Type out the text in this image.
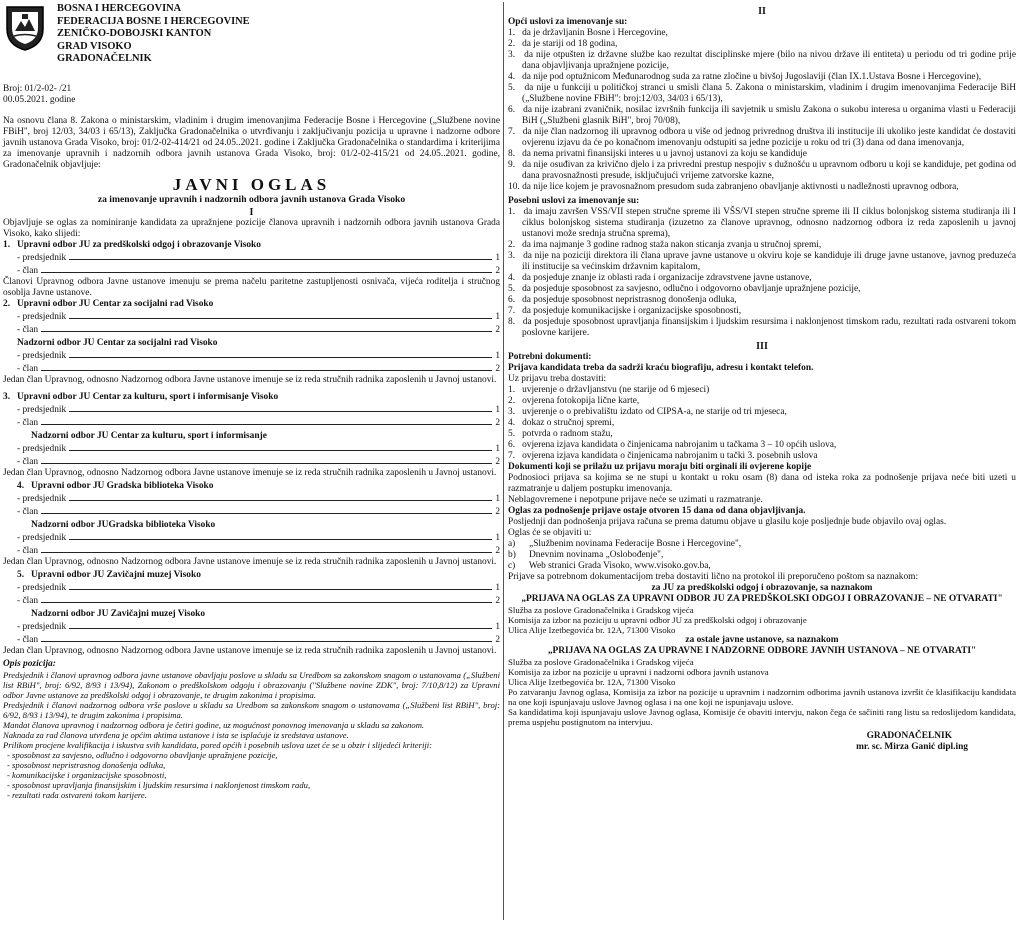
BOSNA I HERCEGOVINA
FEDERACIJA BOSNE I HERCEGOVINE
ZENIČKO-DOBOJSKI KANTON
GRAD VISOKO
GRADONAČELNIK

Broj: 01/2-02- /21

00.05.2021. godine

Na osnovu člana 8. Zakona o ministarskim, vladinim i drugim imenovanjima Federacije Bosne i Hercegovine („Službene novine FBiH", broj 12/03, 34/03 i 65/13), Zaključka Gradonačelnika o utvrđivanju i zaključivanju pozicija u upravne i nadzorne odbore javnih ustanova Grada Visoko, broj: 01/2-02-414/21 od 24.05..2021. godine i Zaključka Gradonačelnika o standardima i kriterijima za imenovanje upravnih i nadzornih odbora javnih ustanova Grada Visoko, broj: 01/2-02-415/21 od 24.05..2021. godine, Gradonačelnik objavljuje:

JAVNI OGLAS
za imenovanje upravnih i nadzornih odbora javnih ustanova Grada Visoko
I

Objavljuje se oglas za nominiranje kandidata za upražnjene pozicije članova upravnih i nadzornih odbora javnih ustanova Grada Visoko, kako slijedi:

1. Upravni odbor JU za predškolski odgoj i obrazovanje Visoko

-
predsjednik	1
-
član	2

Članovi Upravnog odbora Javne ustanove imenuju se prema načelu paritetne zastupljenosti osnivača, vijeća roditelja i stručnog osoblja Javne ustanove.

2. Upravni odbor JU Centar za socijalni rad Visoko

-
predsjednik	1
-
član	2

Nadzorni odbor JU Centar za socijalni rad Visoko

-
predsjednik	1
-
član	2

Jedan član Upravnog, odnosno Nadzornog odbora Javne ustanove imenuje se iz reda stručnih radnika zaposlenih u Javnoj ustanovi.

3. Upravni odbor JU Centar za kulturu, sport i informisanje Visoko

-
predsjednik	1
-
član	2

Nadzorni odbor JU Centar za kulturu, sport i informisanje

-
predsjednik	1
-
član	2

Jedan član Upravnog, odnosno Nadzornog odbora Javne ustanove imenuje se iz reda stručnih radnika zaposlenih u Javnoj ustanovi.

4. Upravni odbor JU Gradska biblioteka Visoko

-
predsjednik	1
-
član	2

Nadzorni odbor JUGradska biblioteka Visoko

-
predsjednik	1
-
član	2

Jedan član Upravnog, odnosno Nadzornog odbora Javne ustanove imenuje se iz reda stručnih radnika zaposlenih u Javnoj ustanovi.

5. Upravni odbor JU Zavičajni muzej Visoko

-
predsjednik	1
-
član	2

Nadzorni odbor JU Zavičajni muzej Visoko

-
predsjednik	1
-
član	2

Jedan član Upravnog, odnosno Nadzornog odbora Javne ustanove imenuje se iz reda stručnih radnika zaposlenih u Javnoj ustanovi.

Opis pozicija:

Predsjednik i članovi upravnog odbora javne ustanove obavljaju poslove u skladu sa Uredbom sa zakonskom snagom o ustanovama („Službeni list RBiH", broj: 6/92, 8/93 i 13/94), Zakonom o predškolskom odgoju i obrazovanju ("Službene novine ZDK", broj: 7/10,8/12) za Upravni odbor Javne ustanove za predškolski odgoj i obrazovanje, te drugim zakonima i propisima.

Predsjednik i članovi nadzornog odbora vrše poslove u skladu sa Uredbom sa zakonskom snagom o ustanovama („Službeni list RBiH", broj: 6/92, 8/93 i 13/94), te drugim zakonima i propisima.

Mandat članova upravnog i nadzornog odbora je četiri godine, uz mogućnost ponovnog imenovanja u skladu sa zakonom.

Naknada za rad članova utvrđena je općim aktima ustanove i ista se isplaćuje iz sredstava ustanove.

Prilikom procjene kvalifikacija i iskustva svih kandidata, pored općih i posebnih uslova uzet će se u obzir i slijedeći kriteriji:

- sposobnost za savjesno, odlučno i odgovorno obavljanje upražnjene pozicije,

- sposobnost nepristrasnog donošenja odluka,

- komunikacijske i organizacijske sposobnosti,

- sposobnost upravljanja finansijskim i ljudskim resursima i naklonjenost timskom radu,

- rezultati rada ostvareni tokom karijere.

II

Opći uslovi za imenovanje su:

1.   da je državljanin Bosne i Hercegovine,

2.   da je stariji od 18 godina,

3.   da nije otpušten iz državne službe kao rezultat disciplinske mjere (bilo na nivou države ili entiteta) u periodu od tri godine prije dana objavljivanja upražnjene pozicije,

4.   da nije pod optužnicom Međunarodnog suda za ratne zločine u bivšoj Jugoslaviji (član IX.1.Ustava Bosne i Hercegovine),

5.   da nije u funkciji u političkoj stranci u smisli člana 5. Zakona o ministarskim, vladinim i drugim imenovanjima Federacije BiH („Službene novine FBiH": broj:12/03, 34/03 i 65/13),

6.   da nije izabrani zvaničnik, nosilac izvršnih funkcija ili savjetnik u smislu Zakona o sukobu interesa u organima vlasti u Federaciji BiH („Službeni glasnik BiH", broj 70/08),

7.   da nije član nadzornog ili upravnog odbora u više od jednog privrednog društva ili institucije ili ukoliko jeste kandidat će dostaviti ovjerenu izjavu da će po konačnom imenovanju odstupiti sa jedne pozicije u roku od tri (3) dana od dana imenovanja,

8.   da nema privatni finansijski interes u u javnoj ustanovi za koju se kandiduje

9.   da nije osuđivan za krivično djelo i za privredni prestup nespojiv s dužnošću u upravnom odboru u koji se kandiduje, pet godina od dana pravosnažnosti presude, isključujući vrijeme zatvorske kazne,

10. da nije lice kojem je pravosnažnom presudom suda zabranjeno obavljanje aktivnosti u nadležnosti upravnog odbora,

Posebni uslovi za imenovanje su:

1.   da imaju završen VSS/VII stepen stručne spreme ili VŠS/VI stepen stručne spreme ili II ciklus bolonjskog sistema studiranja ili I ciklus bolonjskog sistema studiranja (izuzetno za članove upravnog, odnosno nadzornog odbora iz reda zaposlenih u javnoj ustanovi može srednja stručna sprema),

2.   da ima najmanje 3 godine radnog staža nakon sticanja zvanja u stručnoj spremi,

3.   da nije na poziciji direktora ili člana uprave javne ustanove u okviru koje se kandiduje ili druge javne ustanove, javnog preduzeća ili institucije sa većinskim državnim kapitalom,

4.   da posjeduje znanje iz oblasti rada i organizacije zdravstvene javne ustanove,

5.   da posjeduje sposobnost za savjesno, odlučno i odgovorno obavljanje upražnjene pozicije,

6.   da posjeduje sposobnost nepristrasnog donošenja odluka,

7.   da posjeduje komunikacijske i organizacijske sposobnosti,

8.   da posjeduje sposobnost upravljanja finansijskim i ljudskim resursima i naklonjenost timskom radu, rezultati rada ostvareni tokom poslovne karijere.

III

Potrebni dokumenti:

Prijava kandidata treba da sadrži kraću biografiju, adresu i kontakt telefon.

Uz prijavu treba dostaviti:

1.   uvjerenje o državljanstvu (ne starije od 6 mjeseci)

2.   ovjerena fotokopija lične karte,

3.   uvjerenje o o prebivalištu izdato od CIPSA-a, ne starije od tri mjeseca,

4.   dokaz o stručnoj spremi,

5.   potvrda o radnom stažu,

6.   ovjerena izjava kandidata o činjenicama nabrojanim u tačkama 3 – 10 općih uslova,

7.   ovjerena izjava kandidata o činjenicama nabrojanim u tački 3. posebnih uslova

Dokumenti koji se prilažu uz prijavu moraju biti orginali ili ovjerene kopije

Podnosioci prijava sa kojima se ne stupi u kontakt u roku osam (8) dana od isteka roka za podnošenje prijava neće biti uzeti u razmatranje u daljem postupku imenovanja.

Neblagovremene i nepotpune prijave neće se uzimati u razmatranje.

Oglas za podnošenje prijave ostaje otvoren 15 dana od dana objavljivanja.

Posljednji dan podnošenja prijava računa se prema datumu objave u glasilu koje posljednje bude objavilo ovaj oglas.

Oglas će se objaviti u:

a) „Službenim novinama Federacije Bosne i Hercegovine",

b) Dnevnim novinama „Oslobođenje",

c) Web stranici Grada Visoko, www.visoko.gov.ba,

Prijave sa potrebnom dokumentacijom treba dostaviti lično na protokol ili preporučeno poštom sa naznakom:

za JU za predškolski odgoj i obrazovanje, sa naznakom

„PRIJAVA NA OGLAS ZA UPRAVNI ODBOR JU ZA PREDŠKOLSKI ODGOJ I OBRAZOVANJE – NE OTVARATI"

Služba za poslove Gradonačelnika i Gradskog vijeća

Komisija za izbor na poziciju u upravni odbor JU za predškolski odgoj i obrazovanje

Ulica Alije Izetbegovića br. 12A, 71300 Visoko

za ostale javne ustanove, sa naznakom

„PRIJAVA NA OGLAS ZA UPRAVNE I NADZORNE ODBORE JAVNIH USTANOVA – NE OTVARATI"

Služba za poslove Gradonačelnika i Gradskog vijeća

Komisija za izbor na pozicije u upravni i nadzorni odbora javnih ustanova

Ulica Alije Izetbegovića br. 12A, 71300 Visoko

Po zatvaranju Javnog oglasa, Komisija za izbor na pozicije u upravnim i nadzornim odborima javnih ustanova izvršit će klasifikaciju kandidata na one koji ispunjavaju uslove Javnog oglasa i na one koji ne ispunjavaju uslove.

Sa kandidatima koji ispunjavaju uslove Javnog oglasa, Komisije će obaviti intervju, nakon čega će sačiniti rang listu sa redoslijedom kandidata, prema uspjehu postignutom na intervjuu.

GRADONAČELNIK

mr. sc. Mirza Ganić dipl.ing
